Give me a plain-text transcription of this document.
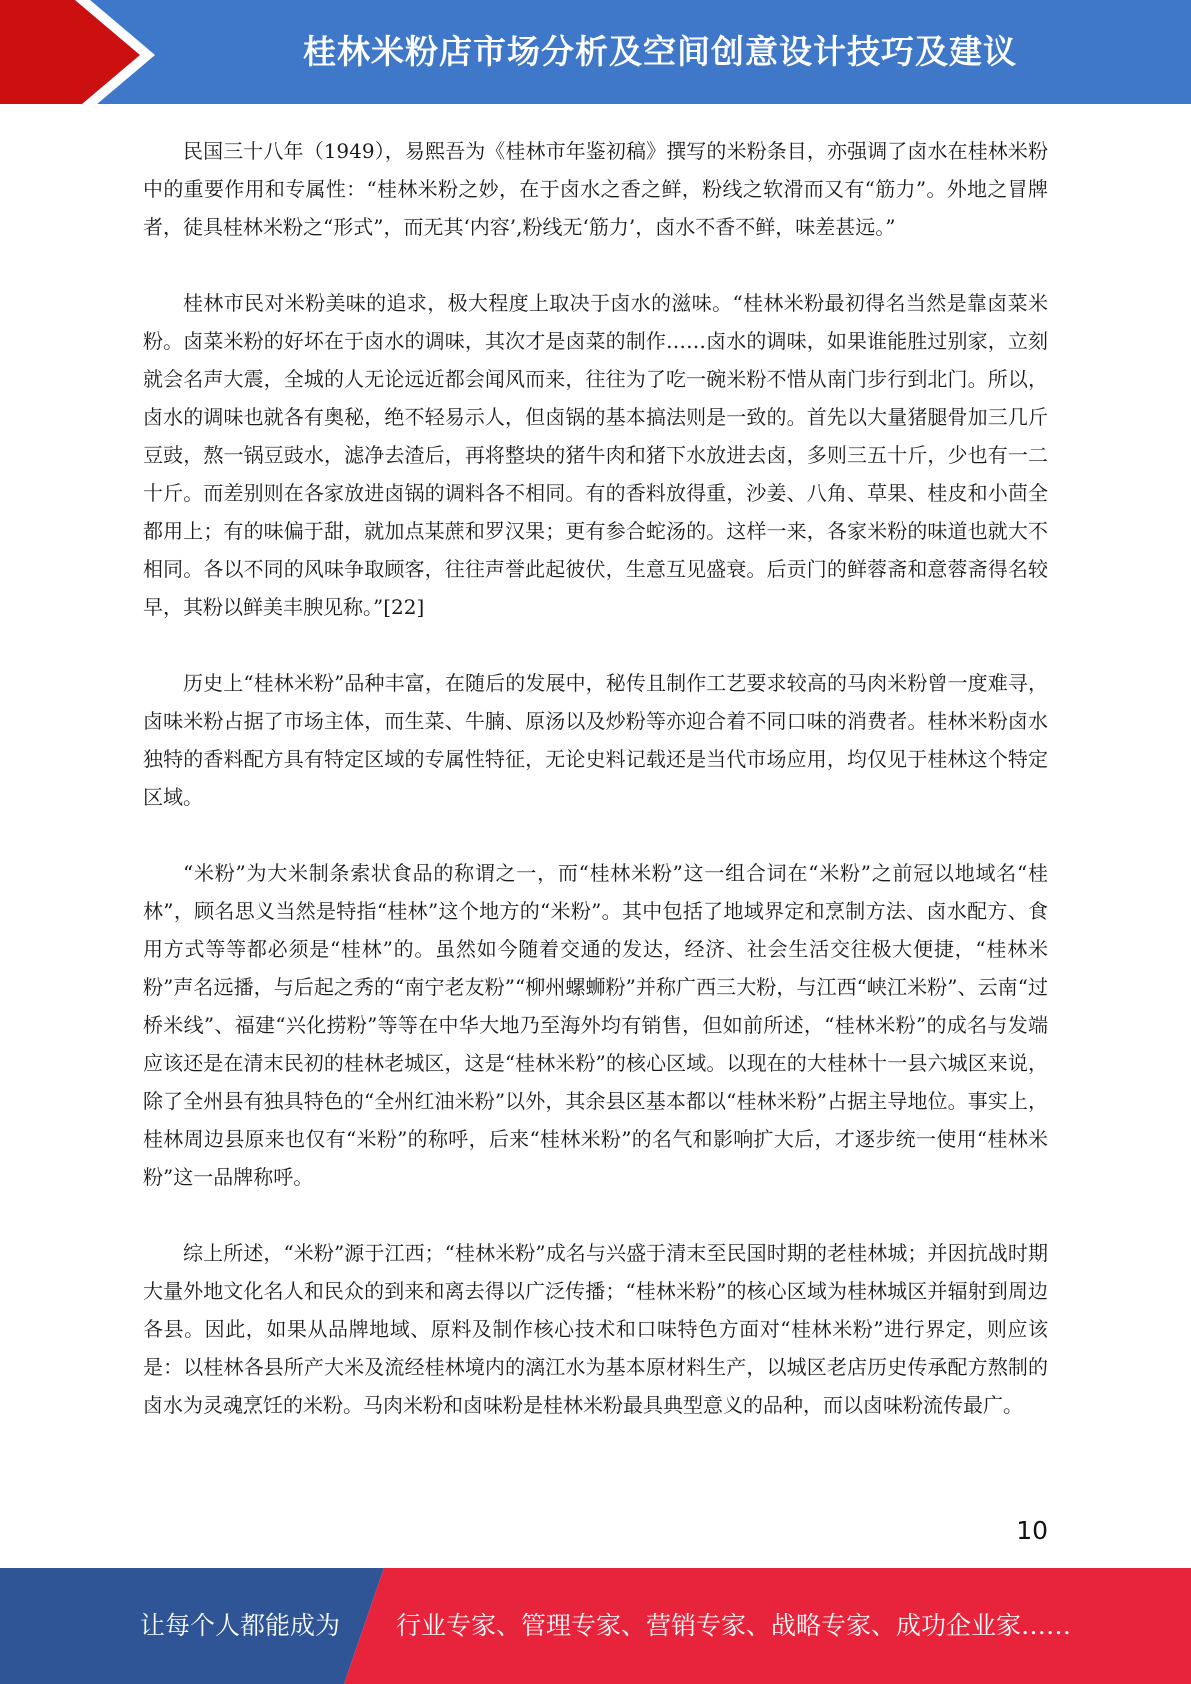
桂林米粉店市场分析及空间创意设计技巧及建议

民国三十八年（1949），易熙吾为《桂林市年鉴初稿》撰写的米粉条目，亦强调了卤水在桂林米粉中的重要作用和专属性：“桂林米粉之妙，在于卤水之香之鲜，粉线之软滑而又有“筋力”。外地之冒牌者，徒具桂林米粉之“形式”，而无其‘内容’,粉线无‘筋力’，卤水不香不鲜，味差甚远。”

桂林市民对米粉美味的追求，极大程度上取决于卤水的滋味。“桂林米粉最初得名当然是靠卤菜米粉。卤菜米粉的好坏在于卤水的调味，其次才是卤菜的制作……卤水的调味，如果谁能胜过别家，立刻就会名声大震，全城的人无论远近都会闻风而来，往往为了吃一碗米粉不惜从南门步行到北门。所以，卤水的调味也就各有奥秘，绝不轻易示人，但卤锅的基本搞法则是一致的。首先以大量猪腿骨加三几斤豆豉，熬一锅豆豉水，滤净去渣后，再将整块的猪牛肉和猪下水放进去卤，多则三五十斤，少也有一二十斤。而差别则在各家放进卤锅的调料各不相同。有的香料放得重，沙姜、八角、草果、桂皮和小茴全都用上；有的味偏于甜，就加点某蔗和罗汉果；更有参合蛇汤的。这样一来，各家米粉的味道也就大不相同。各以不同的风味争取顾客，往往声誉此起彼伏，生意互见盛衰。后贡门的鲜蓉斋和意蓉斋得名较早，其粉以鲜美丰腴见称。”[22]

历史上“桂林米粉”品种丰富，在随后的发展中，秘传且制作工艺要求较高的马肉米粉曾一度难寻，卤味米粉占据了市场主体，而生菜、牛腩、原汤以及炒粉等亦迎合着不同口味的消费者。桂林米粉卤水独特的香料配方具有特定区域的专属性特征，无论史料记载还是当代市场应用，均仅见于桂林这个特定区域。

“米粉”为大米制条索状食品的称谓之一，而“桂林米粉”这一组合词在“米粉”之前冠以地域名“桂林”，顾名思义当然是特指“桂林”这个地方的“米粉”。其中包括了地域界定和烹制方法、卤水配方、食用方式等等都必须是“桂林”的。虽然如今随着交通的发达，经济、社会生活交往极大便捷，“桂林米粉”声名远播，与后起之秀的“南宁老友粉”“柳州螺蛳粉”并称广西三大粉，与江西“峡江米粉”、云南“过桥米线”、福建“兴化捞粉”等等在中华大地乃至海外均有销售，但如前所述，“桂林米粉”的成名与发端应该还是在清末民初的桂林老城区，这是“桂林米粉”的核心区域。以现在的大桂林十一县六城区来说，除了全州县有独具特色的“全州红油米粉”以外，其余县区基本都以“桂林米粉”占据主导地位。事实上，桂林周边县原来也仅有“米粉”的称呼，后来“桂林米粉”的名气和影响扩大后，才逐步统一使用“桂林米粉”这一品牌称呼。

综上所述，“米粉”源于江西；“桂林米粉”成名与兴盛于清末至民国时期的老桂林城；并因抗战时期大量外地文化名人和民众的到来和离去得以广泛传播；“桂林米粉”的核心区域为桂林城区并辐射到周边各县。因此，如果从品牌地域、原料及制作核心技术和口味特色方面对“桂林米粉”进行界定，则应该是：以桂林各县所产大米及流经桂林境内的漓江水为基本原材料生产，以城区老店历史传承配方熬制的卤水为灵魂烹饪的米粉。马肉米粉和卤味粉是桂林米粉最具典型意义的品种，而以卤味粉流传最广。

10
让每个人都能成为 行业专家、管理专家、营销专家、战略专家、成功企业家……
